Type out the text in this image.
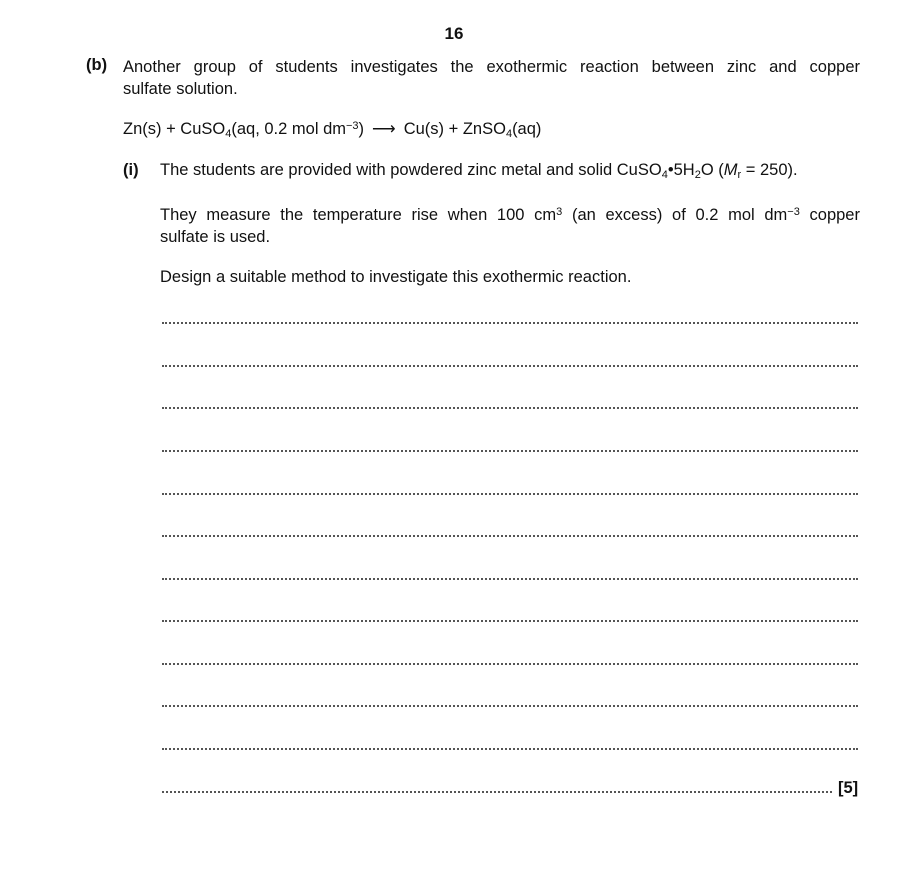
16
(b) Another group of students investigates the exothermic reaction between zinc and copper
sulfate solution.
Zn(s) + CuSO$_4$(aq, 0.2 mol $dm^{-3}$) ⟶ Cu(s) + ZnSO$_4$(aq)
(i) The students are provided with powdered zinc metal and solid $CuSO_4•5H_2O$ $(M_r = 250)$.
They measure the temperature rise when 100 $cm^3$ (an excess) of 0.2 mol $dm^{-3}$ copper
sulfate is used.
Design a suitable method to investigate this exothermic reaction.
[5]
